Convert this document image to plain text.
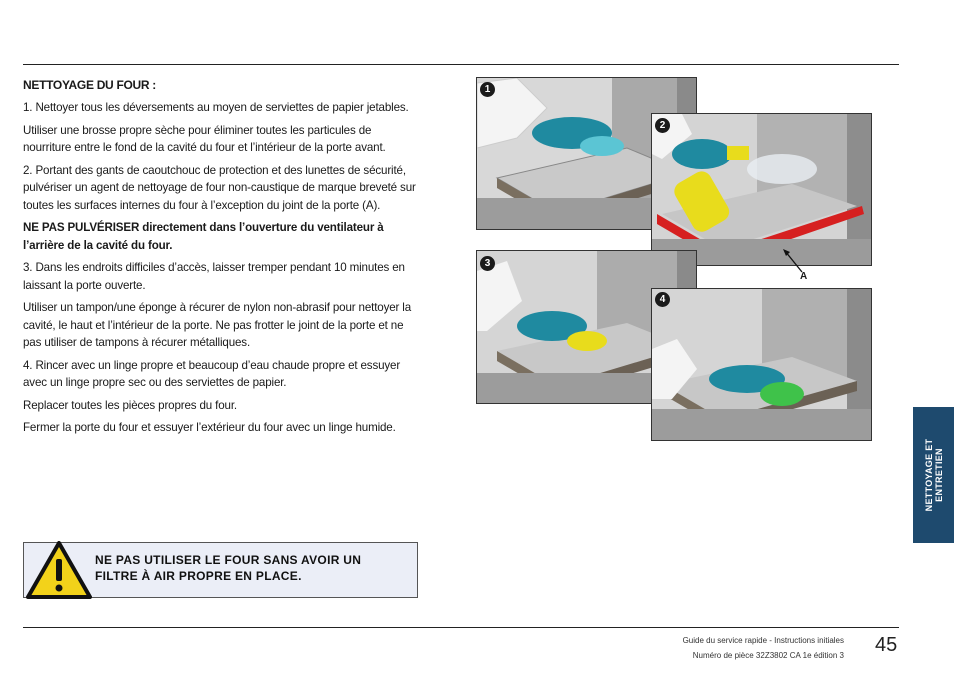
NETTOYAGE DU FOUR :

1. Nettoyer tous les déversements au moyen de serviettes de papier jetables.

Utiliser une brosse propre sèche pour éliminer toutes les particules de nourriture entre le fond de la cavité du four et l’intérieur de la porte avant.

2. Portant des gants de caoutchouc de protection et des lunettes de sécurité, pulvériser un agent de nettoyage de four non-caustique de marque breveté sur toutes les surfaces internes du four à l’exception du joint de la porte (A).

NE PAS PULVÉRISER directement dans l’ouverture du ventilateur à l’arrière de la cavité du four.

3. Dans les endroits difficiles d’accès, laisser tremper pendant 10 minutes en laissant la porte ouverte.

Utiliser un tampon/une éponge à récurer de nylon non-abrasif pour nettoyer la cavité, le haut et l’intérieur de la porte. Ne pas frotter le joint de la porte et ne pas utiliser de tampons à récurer métalliques.

4. Rincer avec un linge propre et beaucoup d’eau chaude propre et essuyer avec un linge propre sec ou des serviettes de papier.

Replacer toutes les pièces propres du four.

Fermer la porte du four et essuyer l’extérieur du four avec un linge humide.

NE PAS UTILISER LE FOUR SANS AVOIR UN FILTRE À AIR PROPRE EN PLACE.
1
2
A
3
4
NETTOYAGE ET
ENTRETIEN
Guide du service rapide - Instructions initiales
Numéro de pièce 32Z3802 CA 1e édition 3 45
